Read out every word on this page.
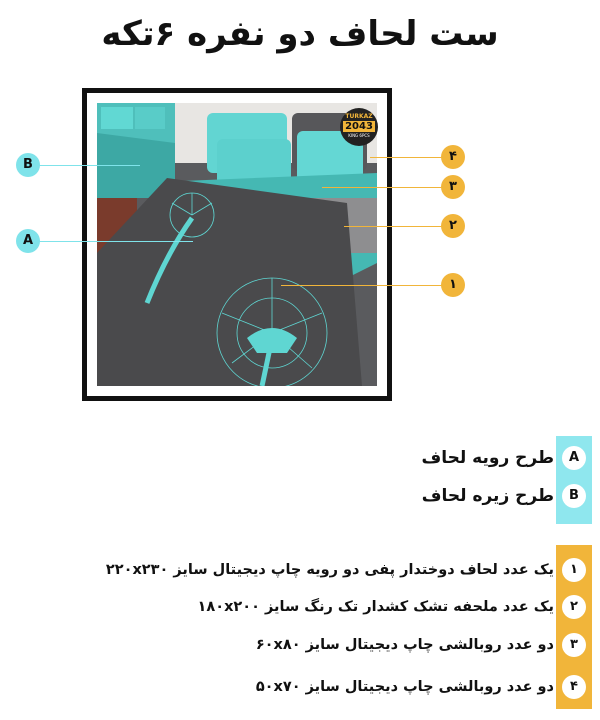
ست لحاف دو نفره ۶تکه
TURKAZ
2043
KING 6PCS
B
A
۴
۳
۲
۱
A
طرح رویه لحاف
B
طرح زیره لحاف
۱
یک عدد لحاف دوختدار پفی دو رویه چاپ دیجیتال سایز ۲۲۰x۲۳۰
۲
یک عدد ملحفه تشک کشدار تک رنگ سایز ۱۸۰x۲۰۰
۳
دو عدد روبالشی چاپ دیجیتال سایز ۶۰x۸۰
۴
دو عدد روبالشی چاپ دیجیتال سایز ۵۰x۷۰
